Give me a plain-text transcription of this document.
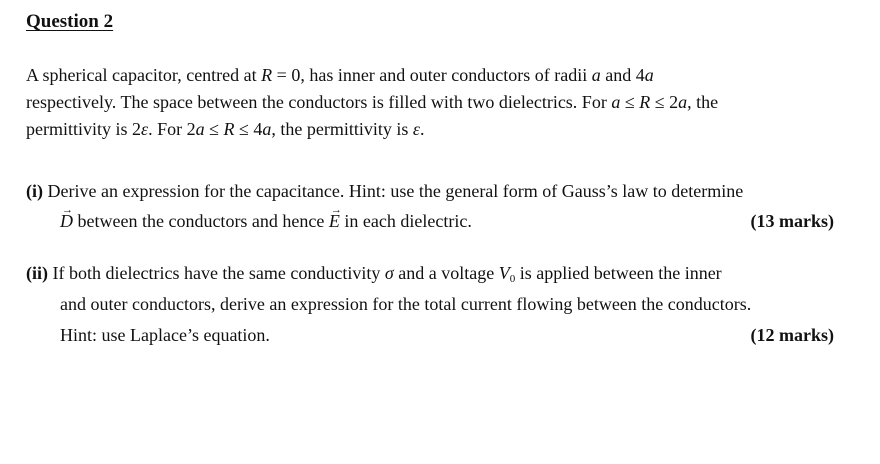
Question 2

A spherical capacitor, centred at R = 0, has inner and outer conductors of radii a and 4a
respectively. The space between the conductors is filled with two dielectrics. For a ≤ R ≤ 2a, the
permittivity is 2ε. For 2a ≤ R ≤ 4a, the permittivity is ε.

(i) Derive an expression for the capacitance. Hint: use the general form of Gauss’s law to determine
→ D between the conductors and hence → E in each dielectric.	(13 marks)
(ii) If both dielectrics have the same conductivity σ and a voltage $V_0$ is applied between the inner
and outer conductors, derive an expression for the total current flowing between the conductors.
Hint: use Laplace’s equation.	(12 marks)
